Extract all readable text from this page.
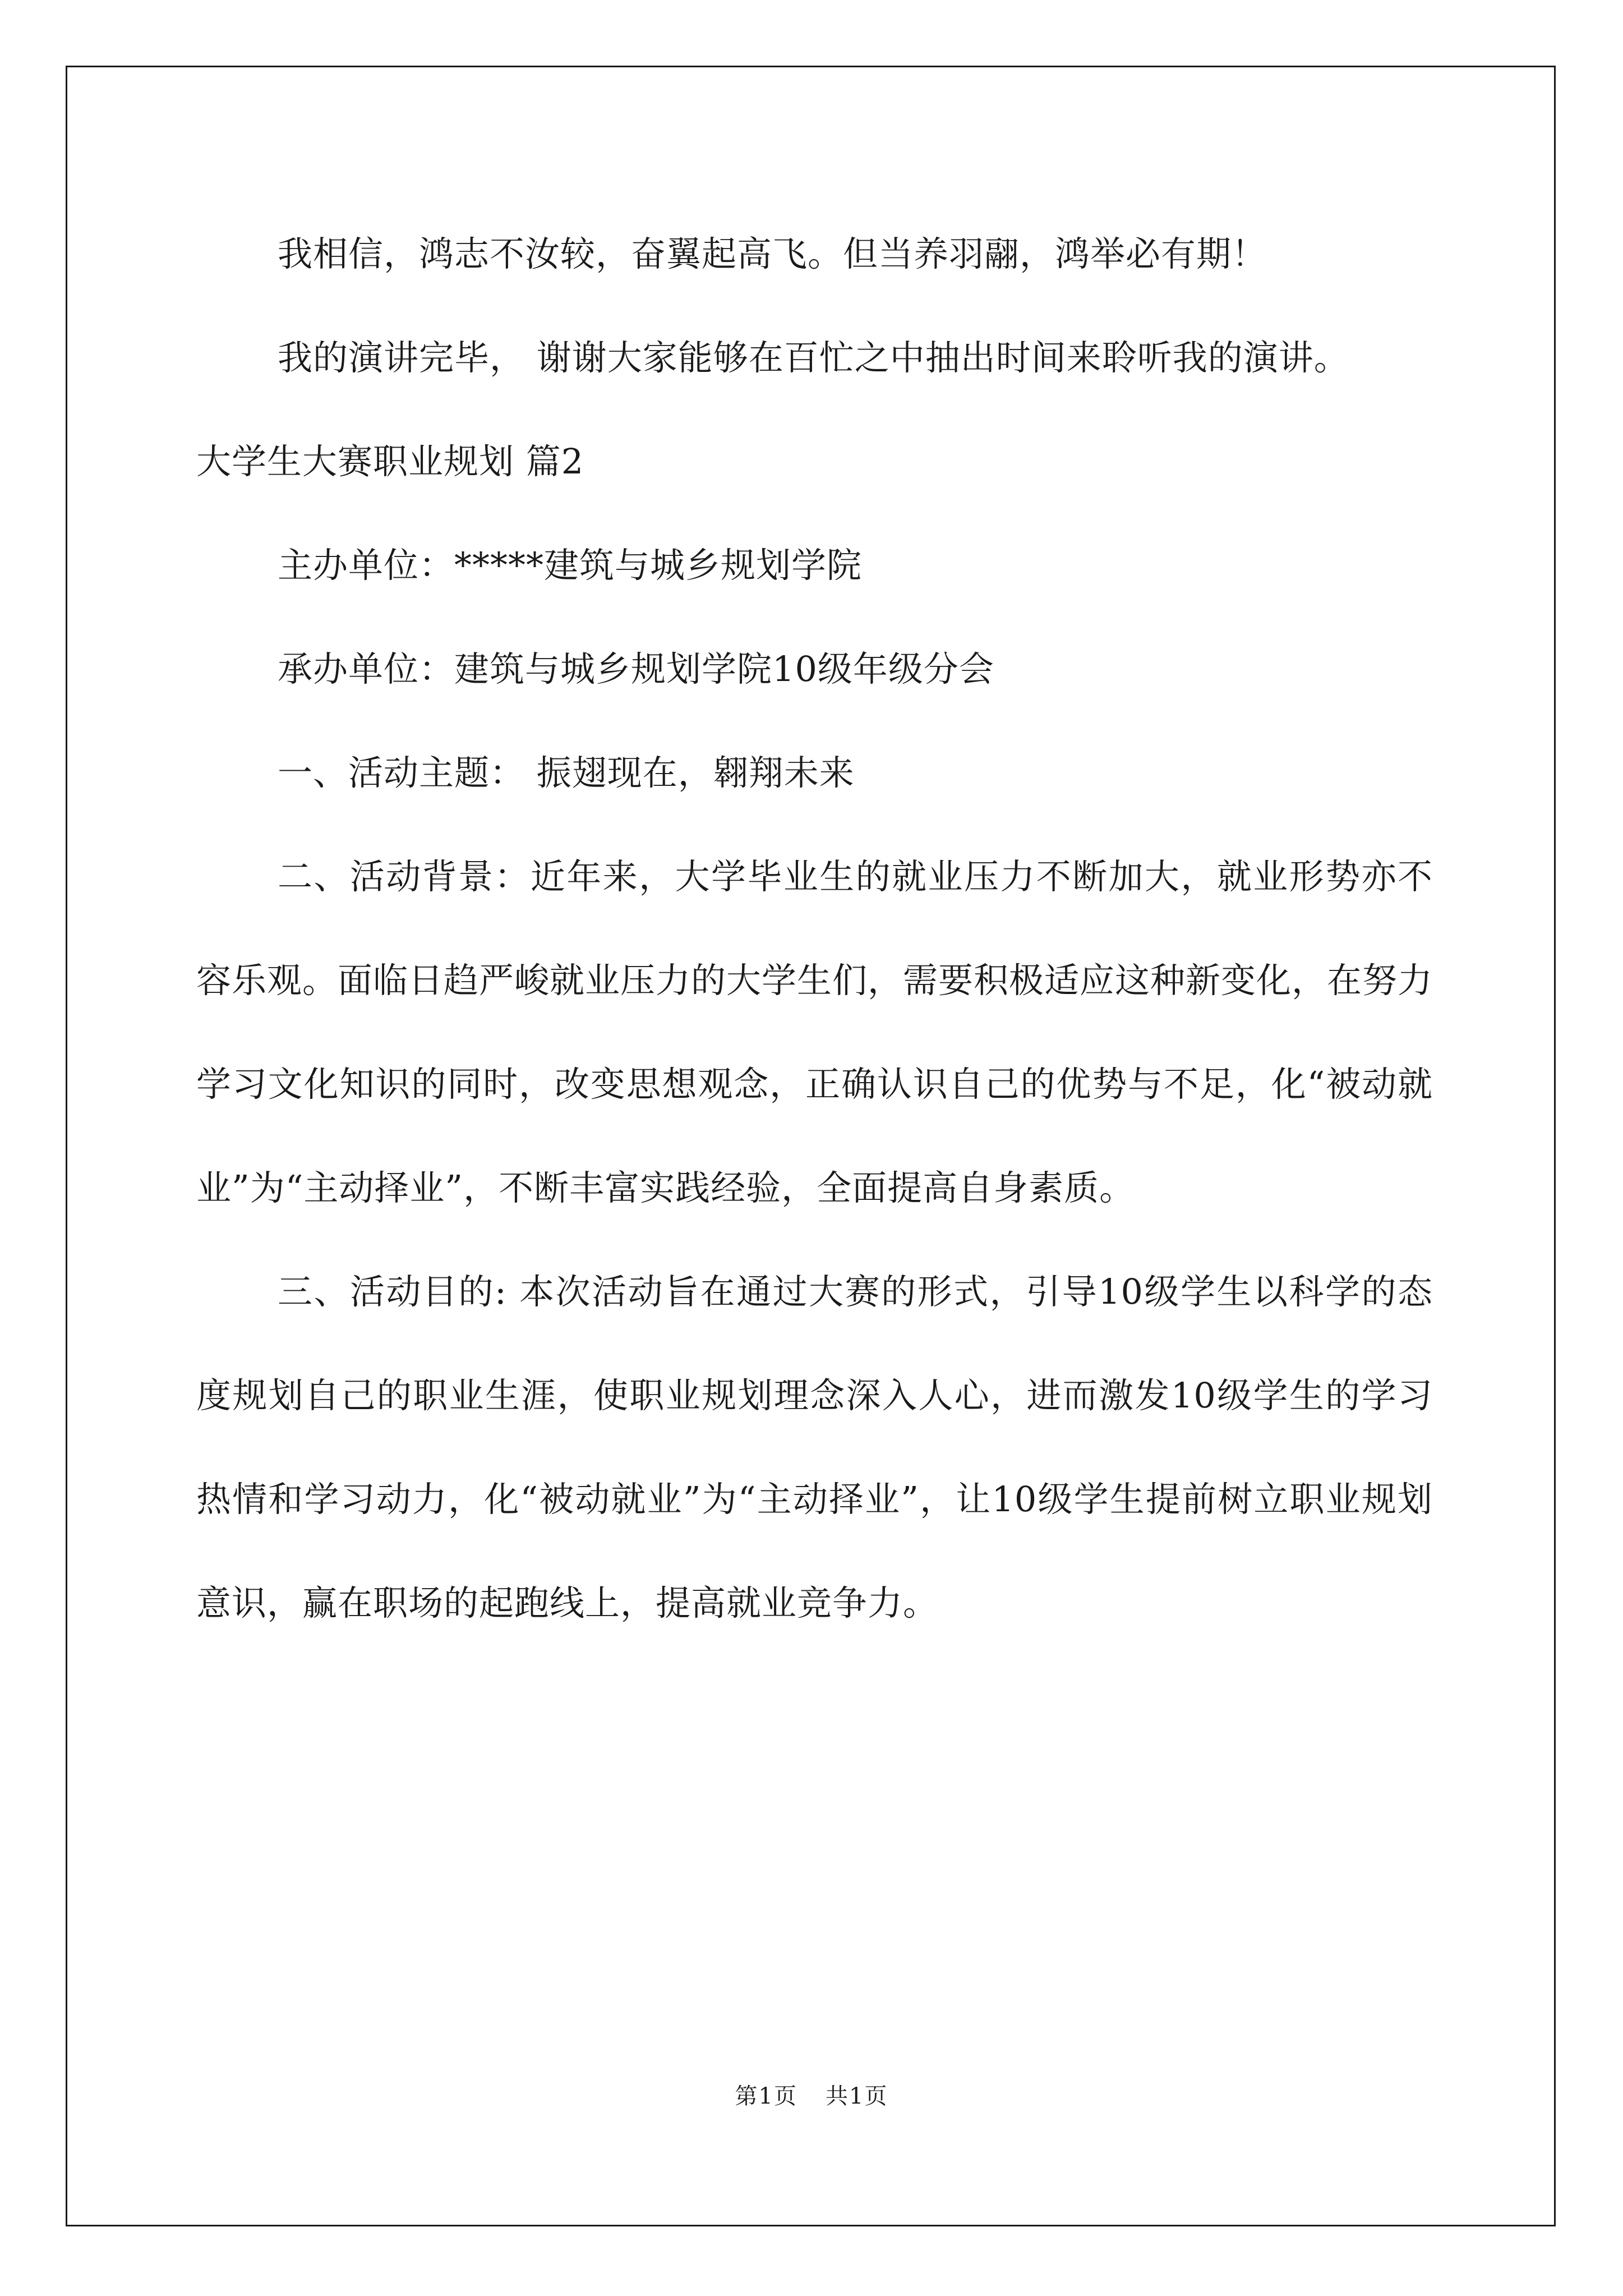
我相信，鸿志不汝较，奋翼起高飞。但当养羽翮，鸿举必有期！

我的演讲完毕， 谢谢大家能够在百忙之中抽出时间来聆听我的演讲。

大学生大赛职业规划 篇2

主办单位：*****建筑与城乡规划学院

承办单位：建筑与城乡规划学院10级年级分会

一、活动主题： 振翅现在，翱翔未来

二、活动背景：近年来，大学毕业生的就业压力不断加大，就业形势亦不容乐观。面临日趋严峻就业压力的大学生们，需要积极适应这种新变化，在努力学习文化知识的同时，改变思想观念，正确认识自己的优势与不足，化“被动就业”为“主动择业”，不断丰富实践经验，全面提高自身素质。

三、活动目的: 本次活动旨在通过大赛的形式，引导10级学生以科学的态度规划自己的职业生涯，使职业规划理念深入人心，进而激发10级学生的学习热情和学习动力，化“被动就业”为“主动择业”，让10级学生提前树立职业规划意识，赢在职场的起跑线上，提高就业竞争力。

第1页 共1页
